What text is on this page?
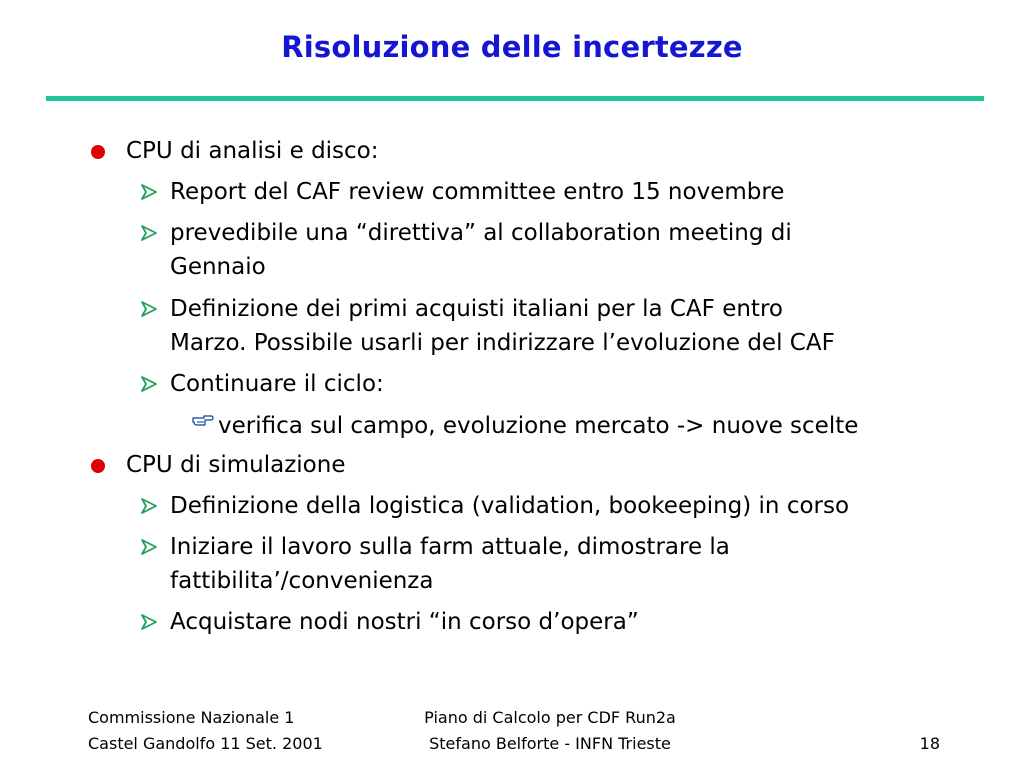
Risoluzione delle incertezze
CPU di analisi e disco:
Report del CAF review committee entro 15 novembre
prevedibile una “direttiva” al collaboration meeting di
Gennaio
Definizione dei primi acquisti italiani per la CAF entro
Marzo. Possibile usarli per indirizzare l’evoluzione del CAF
Continuare il ciclo:
verifica sul campo, evoluzione mercato -> nuove scelte
CPU di simulazione
Definizione della logistica (validation, bookeeping) in corso
Iniziare il lavoro sulla farm attuale, dimostrare la
fattibilita’/convenienza
Acquistare nodi nostri “in corso d’opera”
Commissione Nazionale 1
Castel Gandolfo 11 Set. 2001
Piano di Calcolo per CDF Run2a
Stefano Belforte - INFN Trieste	18
